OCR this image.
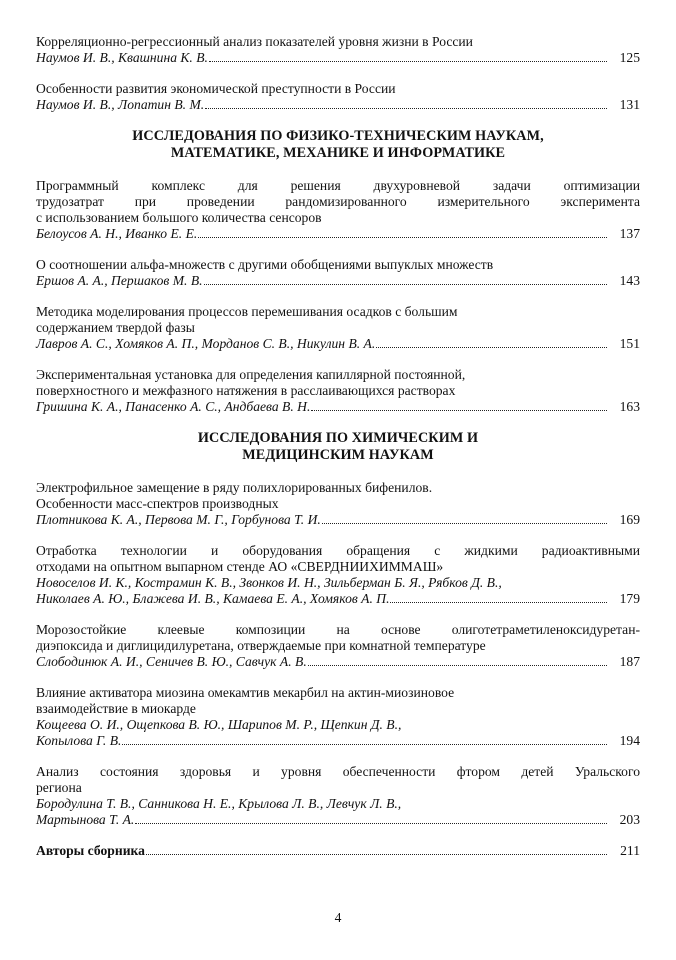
Корреляционно-регрессионный анализ показателей уровня жизни в России
Наумов И. В., Квашнина К. В.	125
Особенности развития экономической преступности в России
Наумов И. В., Лопатин В. М.	131
ИССЛЕДОВАНИЯ ПО ФИЗИКО-ТЕХНИЧЕСКИМ НАУКАМ,
МАТЕМАТИКЕ, МЕХАНИКЕ И ИНФОРМАТИКЕ
Программный комплекс для решения двухуровневой задачи оптимизации
трудозатрат при проведении рандомизированного измерительного эксперимента
с использованием большого количества сенсоров
Белоусов А. Н., Иванко Е. Е.	137
О соотношении альфа-множеств с другими обобщениями выпуклых множеств
Ершов А. А., Першаков М. В.	143
Методика моделирования процессов перемешивания осадков с большим
содержанием твердой фазы
Лавров А. С., Хомяков А. П., Морданов С. В., Никулин В. А.	151
Экспериментальная установка для определения капиллярной постоянной,
поверхностного и межфазного натяжения в расслаивающихся растворах
Гришина К. А., Панасенко А. С., Андбаева В. Н.	163
ИССЛЕДОВАНИЯ ПО ХИМИЧЕСКИМ И
МЕДИЦИНСКИМ НАУКАМ
Электрофильное замещение в ряду полихлорированных бифенилов.
Особенности масс-спектров производных
Плотникова К. А., Первова М. Г., Горбунова Т. И.	169
Отработка технологии и оборудования обращения с жидкими радиоактивными
отходами на опытном выпарном стенде АО «СВЕРДНИИХИММАШ»
Новоселов И. К., Кострамин К. В., Звонков И. Н., Зильберман Б. Я., Рябков Д. В.,
Николаев А. Ю., Блажева И. В., Камаева Е. А., Хомяков А. П.	179
Морозостойкие клеевые композиции на основе олиготетраметиленоксидуретан-
диэпоксида и диглицидилуретана, отверждаемые при комнатной температуре
Слободинюк А. И., Сеничев В. Ю., Савчук А. В.	187
Влияние активатора миозина омекамтив мекарбил на актин-миозиновое
взаимодействие в миокарде
Кощеева О. И., Ощепкова В. Ю., Шарипов М. Р., Щепкин Д. В.,
Копылова Г. В.	194
Анализ состояния здоровья и уровня обеспеченности фтором детей Уральского
региона
Бородулина Т. В., Санникова Н. Е., Крылова Л. В., Левчук Л. В.,
Мартынова Т. А.	203
Авторы сборника	211
4
